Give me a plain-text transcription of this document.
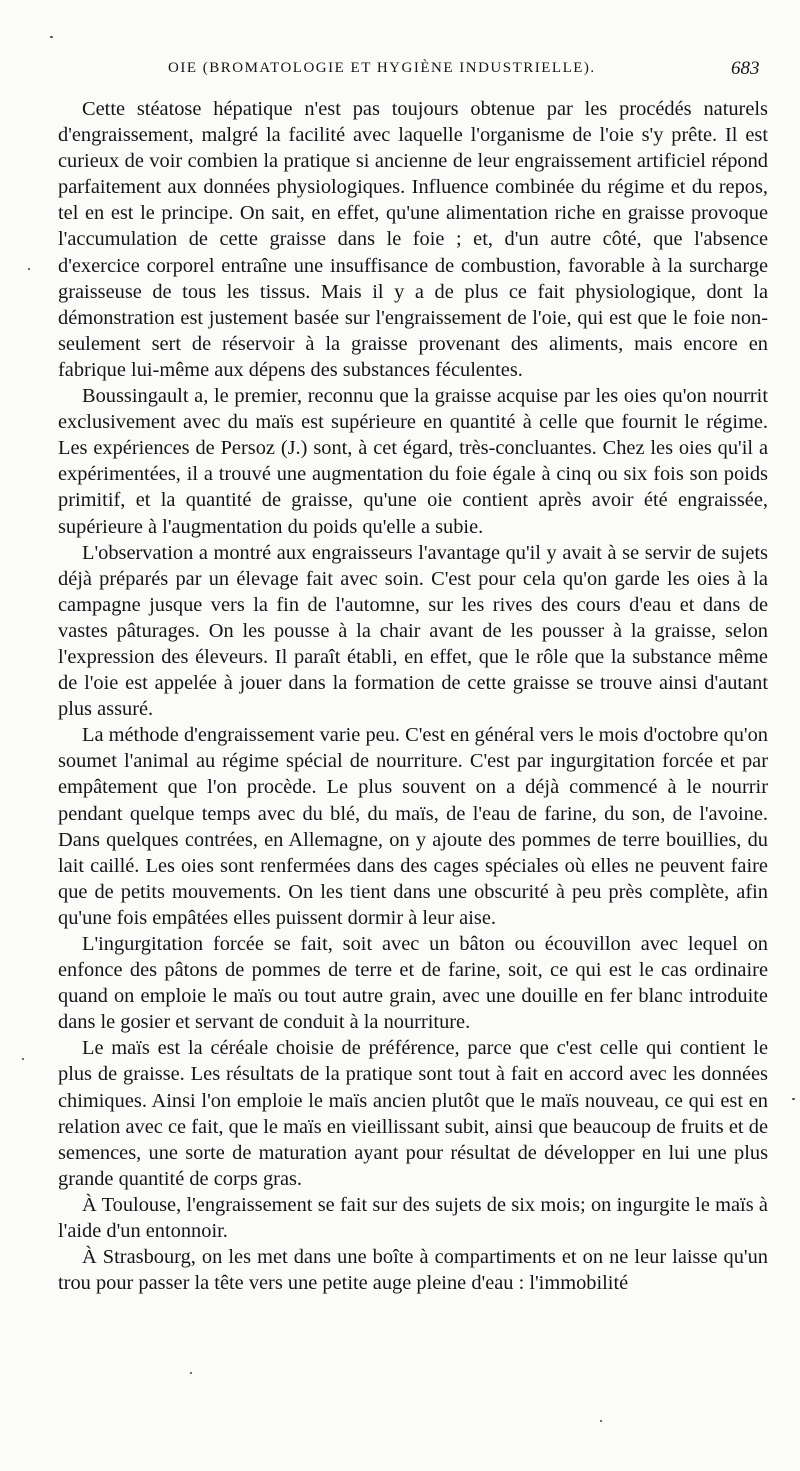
OIE (BROMATOLOGIE ET HYGIÈNE INDUSTRIELLE).	683

Cette stéatose hépatique n'est pas toujours obtenue par les procédés naturels d'engraissement, malgré la facilité avec laquelle l'organisme de l'oie s'y prête. Il est curieux de voir combien la pratique si ancienne de leur engraissement artificiel répond parfaitement aux données physiologiques. Influence combinée du régime et du repos, tel en est le principe. On sait, en effet, qu'une alimentation riche en graisse provoque l'accumulation de cette graisse dans le foie ; et, d'un autre côté, que l'absence d'exercice corporel entraîne une insuffisance de combustion, favorable à la surcharge graisseuse de tous les tissus. Mais il y a de plus ce fait physiologique, dont la démonstration est justement basée sur l'engraissement de l'oie, qui est que le foie non-seulement sert de réservoir à la graisse provenant des aliments, mais encore en fabrique lui-même aux dépens des substances féculentes.

Boussingault a, le premier, reconnu que la graisse acquise par les oies qu'on nourrit exclusivement avec du maïs est supérieure en quantité à celle que fournit le régime. Les expériences de Persoz (J.) sont, à cet égard, très-concluantes. Chez les oies qu'il a expérimentées, il a trouvé une augmentation du foie égale à cinq ou six fois son poids primitif, et la quantité de graisse, qu'une oie contient après avoir été engraissée, supérieure à l'augmentation du poids qu'elle a subie.

L'observation a montré aux engraisseurs l'avantage qu'il y avait à se servir de sujets déjà préparés par un élevage fait avec soin. C'est pour cela qu'on garde les oies à la campagne jusque vers la fin de l'automne, sur les rives des cours d'eau et dans de vastes pâturages. On les pousse à la chair avant de les pousser à la graisse, selon l'expression des éleveurs. Il paraît établi, en effet, que le rôle que la substance même de l'oie est appelée à jouer dans la formation de cette graisse se trouve ainsi d'autant plus assuré.

La méthode d'engraissement varie peu. C'est en général vers le mois d'octobre qu'on soumet l'animal au régime spécial de nourriture. C'est par ingurgitation forcée et par empâtement que l'on procède. Le plus souvent on a déjà commencé à le nourrir pendant quelque temps avec du blé, du maïs, de l'eau de farine, du son, de l'avoine. Dans quelques contrées, en Allemagne, on y ajoute des pommes de terre bouillies, du lait caillé. Les oies sont renfermées dans des cages spéciales où elles ne peuvent faire que de petits mouvements. On les tient dans une obscurité à peu près complète, afin qu'une fois empâtées elles puissent dormir à leur aise.

L'ingurgitation forcée se fait, soit avec un bâton ou écouvillon avec lequel on enfonce des pâtons de pommes de terre et de farine, soit, ce qui est le cas ordinaire quand on emploie le maïs ou tout autre grain, avec une douille en fer blanc introduite dans le gosier et servant de conduit à la nourriture.

Le maïs est la céréale choisie de préférence, parce que c'est celle qui contient le plus de graisse. Les résultats de la pratique sont tout à fait en accord avec les données chimiques. Ainsi l'on emploie le maïs ancien plutôt que le maïs nouveau, ce qui est en relation avec ce fait, que le maïs en vieillissant subit, ainsi que beaucoup de fruits et de semences, une sorte de maturation ayant pour résultat de développer en lui une plus grande quantité de corps gras.

À Toulouse, l'engraissement se fait sur des sujets de six mois; on ingurgite le maïs à l'aide d'un entonnoir.

À Strasbourg, on les met dans une boîte à compartiments et on ne leur laisse qu'un trou pour passer la tête vers une petite auge pleine d'eau : l'immobilité
